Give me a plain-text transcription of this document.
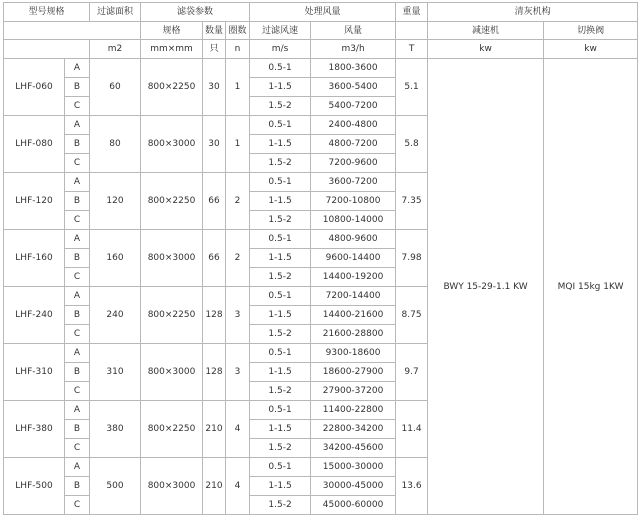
型号规格		过滤面积	滤袋参数			处理风量		重量	清灰机构	
			规格	数量	圈数	过滤风速	风量		减速机	切换阀
		m2	mm×mm	只	n	m/s	m3/h	T	kw	kw
LHF-060	A	60	800×2250	30	1	0.5-1	1800-3600	5.1	BWY 15-29-1.1 KW	MQI 15kg 1KW
	B					1-1.5	3600-5400			
	C					1.5-2	5400-7200			
LHF-080	A	80	800×3000	30	1	0.5-1	2400-4800	5.8		
	B					1-1.5	4800-7200			
	C					1.5-2	7200-9600			
LHF-120	A	120	800×2250	66	2	0.5-1	3600-7200	7.35		
	B					1-1.5	7200-10800			
	C					1.5-2	10800-14000			
LHF-160	A	160	800×3000	66	2	0.5-1	4800-9600	7.98		
	B					1-1.5	9600-14400			
	C					1.5-2	14400-19200			
LHF-240	A	240	800×2250	128	3	0.5-1	7200-14400	8.75		
	B					1-1.5	14400-21600			
	C					1.5-2	21600-28800			
LHF-310	A	310	800×3000	128	3	0.5-1	9300-18600	9.7		
	B					1-1.5	18600-27900			
	C					1.5-2	27900-37200			
LHF-380	A	380	800×2250	210	4	0.5-1	11400-22800	11.4		
	B					1-1.5	22800-34200			
	C					1.5-2	34200-45600			
LHF-500	A	500	800×3000	210	4	0.5-1	15000-30000	13.6		
	B					1-1.5	30000-45000			
	C					1.5-2	45000-60000			
